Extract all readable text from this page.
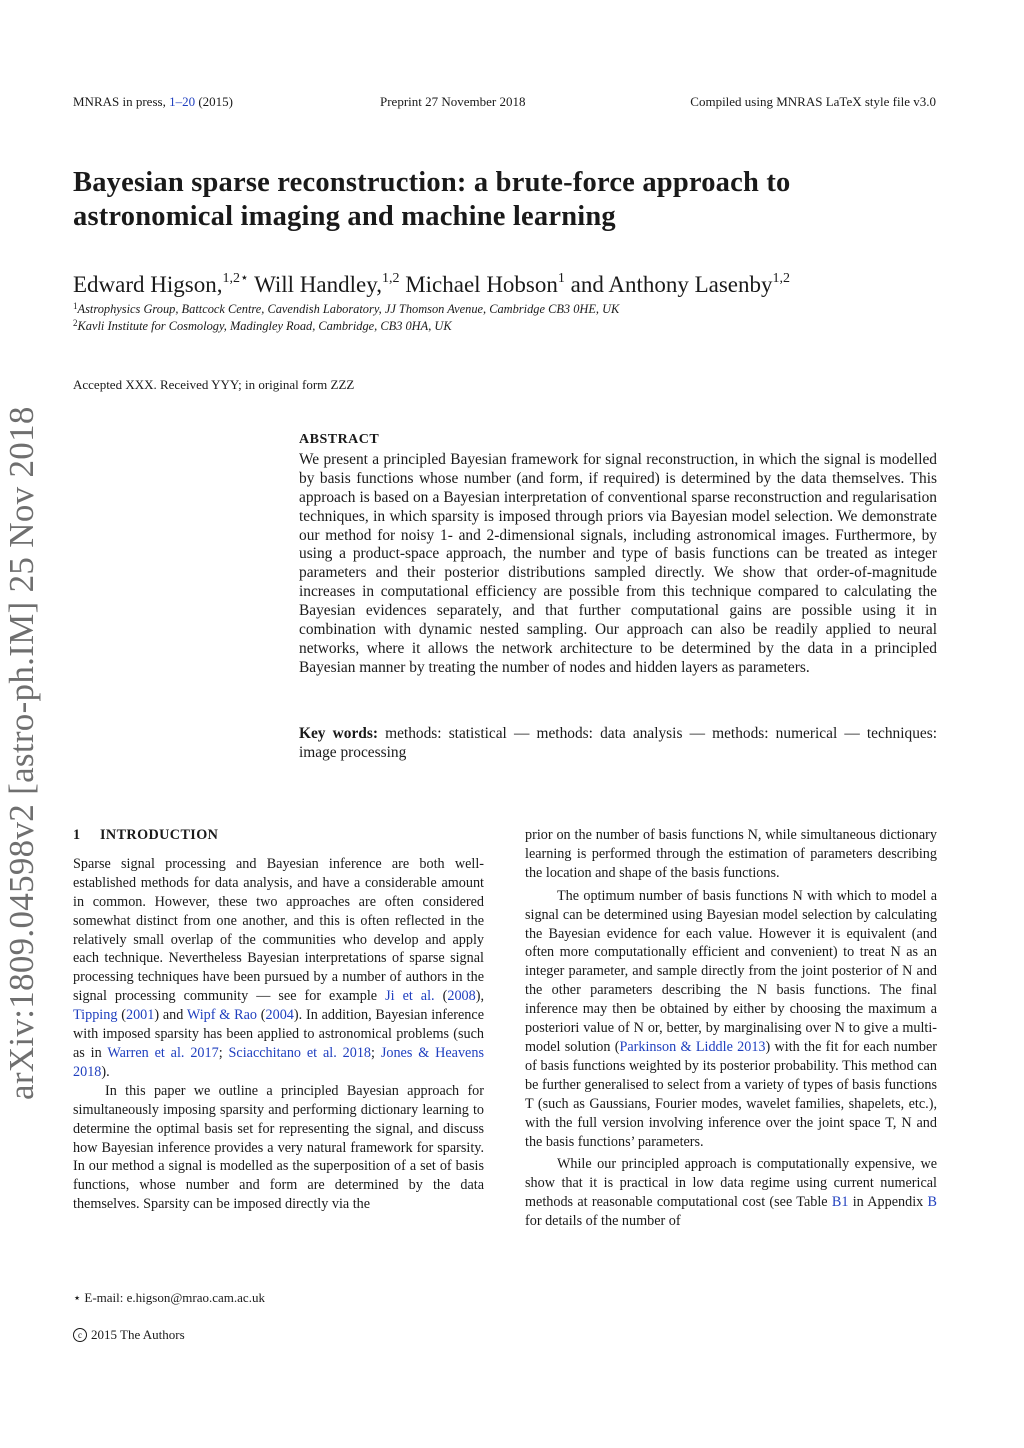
MNRAS in press, 1–20 (2015)	Preprint 27 November 2018	Compiled using MNRAS LaTeX style file v3.0
Bayesian sparse reconstruction: a brute-force approach to astronomical imaging and machine learning
Edward Higson,$^{1,2⋆}$ Will Handley,$^{1,2}$ Michael Hobson$^1$ and Anthony Lasenby$^{1,2}$
$^1$Astrophysics Group, Battcock Centre, Cavendish Laboratory, JJ Thomson Avenue, Cambridge CB3 0HE, UK
$^2$Kavli Institute for Cosmology, Madingley Road, Cambridge, CB3 0HA, UK
Accepted XXX. Received YYY; in original form ZZZ
arXiv:1809.04598v2 [astro-ph.IM] 25 Nov 2018	ABSTRACT
We present a principled Bayesian framework for signal reconstruction, in which the signal is modelled by basis functions whose number (and form, if required) is determined by the data themselves. This approach is based on a Bayesian interpretation of conventional sparse reconstruction and regularisation techniques, in which sparsity is imposed through priors via Bayesian model selection. We demonstrate our method for noisy 1- and 2-dimensional signals, including astronomical images. Furthermore, by using a product-space approach, the number and type of basis functions can be treated as integer parameters and their posterior distributions sampled directly. We show that order-of-magnitude increases in computational efficiency are possible from this technique compared to calculating the Bayesian evidences separately, and that further computational gains are possible using it in combination with dynamic nested sampling. Our approach can also be readily applied to neural networks, where it allows the network architecture to be determined by the data in a principled Bayesian manner by treating the number of nodes and hidden layers as parameters.
Key words: methods: statistical — methods: data analysis — methods: numerical — techniques: image processing
1 INTRODUCTION

Sparse signal processing and Bayesian inference are both well-established methods for data analysis, and have a considerable amount in common. However, these two approaches are often considered somewhat distinct from one another, and this is often reflected in the relatively small overlap of the communities who develop and apply each technique. Nevertheless Bayesian interpretations of sparse signal processing techniques have been pursued by a number of authors in the signal processing community — see for example Ji et al. (2008), Tipping (2001) and Wipf & Rao (2004). In addition, Bayesian inference with imposed sparsity has been applied to astronomical problems (such as in Warren et al. 2017; Sciacchitano et al. 2018; Jones & Heavens 2018).

In this paper we outline a principled Bayesian approach for simultaneously imposing sparsity and performing dictionary learning to determine the optimal basis set for representing the signal, and discuss how Bayesian inference provides a very natural framework for sparsity. In our method a signal is modelled as the superposition of a set of basis functions, whose number and form are determined by the data themselves. Sparsity can be imposed directly via the

prior on the number of basis functions N, while simultaneous dictionary learning is performed through the estimation of parameters describing the location and shape of the basis functions.

The optimum number of basis functions N with which to model a signal can be determined using Bayesian model selection by calculating the Bayesian evidence for each value. However it is equivalent (and often more computationally efficient and convenient) to treat N as an integer parameter, and sample directly from the joint posterior of N and the other parameters describing the N basis functions. The final inference may then be obtained by either by choosing the maximum a posteriori value of N or, better, by marginalising over N to give a multi-model solution (Parkinson & Liddle 2013) with the fit for each number of basis functions weighted by its posterior probability. This method can be further generalised to select from a variety of types of basis functions T (such as Gaussians, Fourier modes, wavelet families, shapelets, etc.), with the full version involving inference over the joint space T, N and the basis functions’ parameters.

While our principled approach is computationally expensive, we show that it is practical in low data regime using current numerical methods at reasonable computational cost (see Table B1 in Appendix B for details of the number of

⋆ E-mail: e.higson@mrao.cam.ac.uk
c 2015 The Authors
